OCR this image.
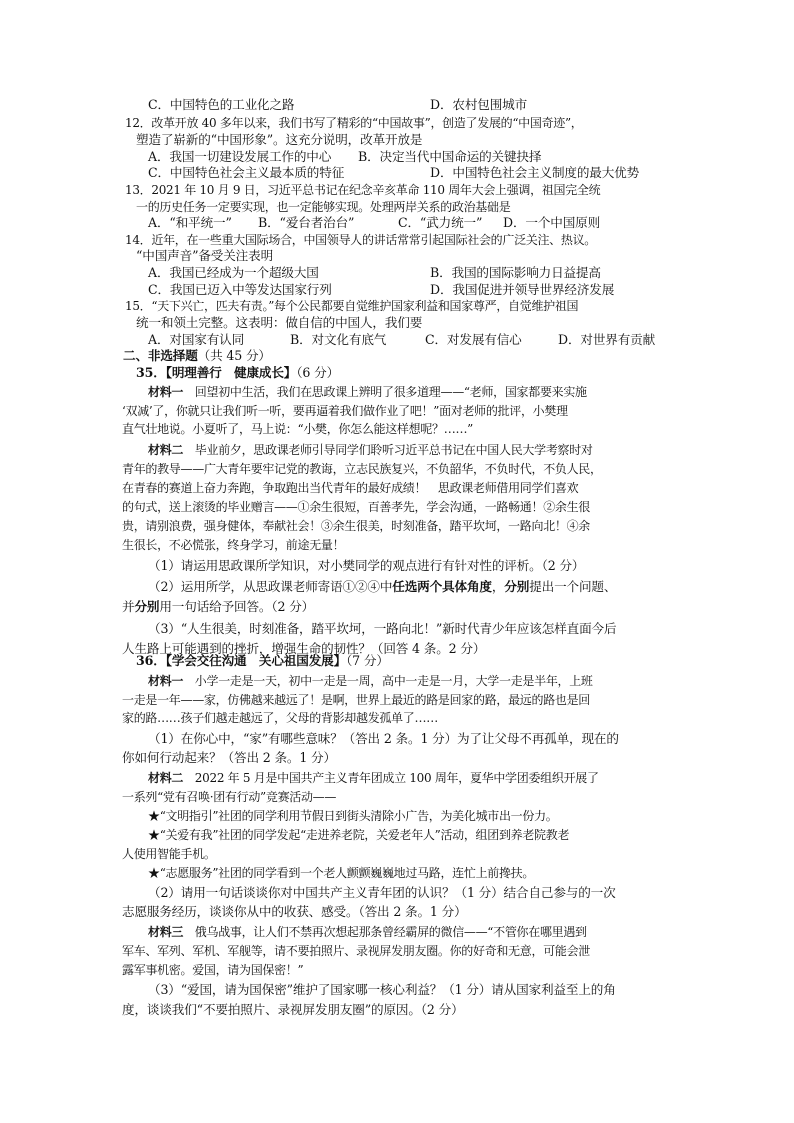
C．中国特色的工业化之路	D．农村包围城市
12．改革开放 40 多年以来，我们书写了精彩的“中国故事”，创造了发展的“中国奇迹”，
塑造了崭新的“中国形象”。这充分说明，改革开放是
A．我国一切建设发展工作的中心 B．决定当代中国命运的关键抉择
C．中国特色社会主义最本质的特征	D．中国特色社会主义制度的最大优势
13．2021 年 10 月 9 日，习近平总书记在纪念辛亥革命 110 周年大会上强调，祖国完全统
一的历史任务一定要实现，也一定能够实现。处理两岸关系的政治基础是
A．“和平统一” B．“爱台者治台”	C．“武力统一” D．一个中国原则
14．近年，在一些重大国际场合，中国领导人的讲话常常引起国际社会的广泛关注、热议。
“中国声音”备受关注表明
A．我国已经成为一个超级大国	B．我国的国际影响力日益提高
C．我国已迈入中等发达国家行列	D．我国促进并领导世界经济发展
15．“天下兴亡，匹夫有责。”每个公民都要自觉维护国家利益和国家尊严，自觉维护祖国
统一和领土完整。这表明：做自信的中国人，我们要
A．对国家有认同	B．对文化有底气	C．对发展有信心	D．对世界有贡献
二、非选择题（共 45 分）
35．【明理善行　健康成长】（6 分）
材料一　回望初中生活，我们在思政课上辨明了很多道理——“老师，国家都要来实施
‘双减’了，你就只让我们听一听，要再逼着我们做作业了吧！”面对老师的批评，小樊理
直气壮地说。小夏听了，马上说：“小樊，你怎么能这样想呢？……”
材料二　毕业前夕，思政课老师引导同学们聆听习近平总书记在中国人民大学考察时对
青年的教导——广大青年要牢记党的教诲，立志民族复兴，不负韶华，不负时代，不负人民，
在青春的赛道上奋力奔跑，争取跑出当代青年的最好成绩！　思政课老师借用同学们喜欢
的句式，送上滚烫的毕业赠言——①余生很短，百善孝先，学会沟通，一路畅通！②余生很
贵，请别浪费，强身健体，奉献社会！③余生很美，时刻准备，踏平坎坷，一路向北！④余
生很长，不必慌张，终身学习，前途无量！
（1）请运用思政课所学知识，对小樊同学的观点进行有针对性的评析。（2 分）
（2）运用所学，从思政课老师寄语①②④中任选两个具体角度，分别提出一个问题、
并分别用一句话给予回答。（2 分）
（3）“人生很美，时刻准备，踏平坎坷，一路向北！”新时代青少年应该怎样直面今后
人生路上可能遇到的挫折，增强生命的韧性？（回答 4 条。2 分）
36．【学会交往沟通　关心祖国发展】（7 分）
材料一　小学一走是一天，初中一走是一周，高中一走是一月，大学一走是半年，上班
一走是一年——家，仿佛越来越远了！是啊，世界上最近的路是回家的路，最远的路也是回
家的路……孩子们越走越远了，父母的背影却越发孤单了……
（1）在你心中，“家”有哪些意味？（答出 2 条。1 分）为了让父母不再孤单，现在的
你如何行动起来？（答出 2 条。1 分）
材料二　2022 年 5 月是中国共产主义青年团成立 100 周年，夏华中学团委组织开展了
一系列“党有召唤·团有行动”竞赛活动——
★“文明指引”社团的同学利用节假日到街头清除小广告，为美化城市出一份力。
★“关爱有我”社团的同学发起“走进养老院，关爱老年人”活动，组团到养老院教老
人使用智能手机。
★“志愿服务”社团的同学看到一个老人颤颤巍巍地过马路，连忙上前搀扶。
（2）请用一句话谈谈你对中国共产主义青年团的认识？（1 分）结合自己参与的一次
志愿服务经历，谈谈你从中的收获、感受。（答出 2 条。1 分）
材料三　俄乌战事，让人们不禁再次想起那条曾经霸屏的微信——“不管你在哪里遇到
军车、军列、军机、军舰等，请不要拍照片、录视屏发朋友圈。你的好奇和无意，可能会泄
露军事机密。爱国，请为国保密！”
（3）“爱国，请为国保密”维护了国家哪一核心利益？（1 分）请从国家利益至上的角
度，谈谈我们“不要拍照片、录视屏发朋友圈”的原因。（2 分）
